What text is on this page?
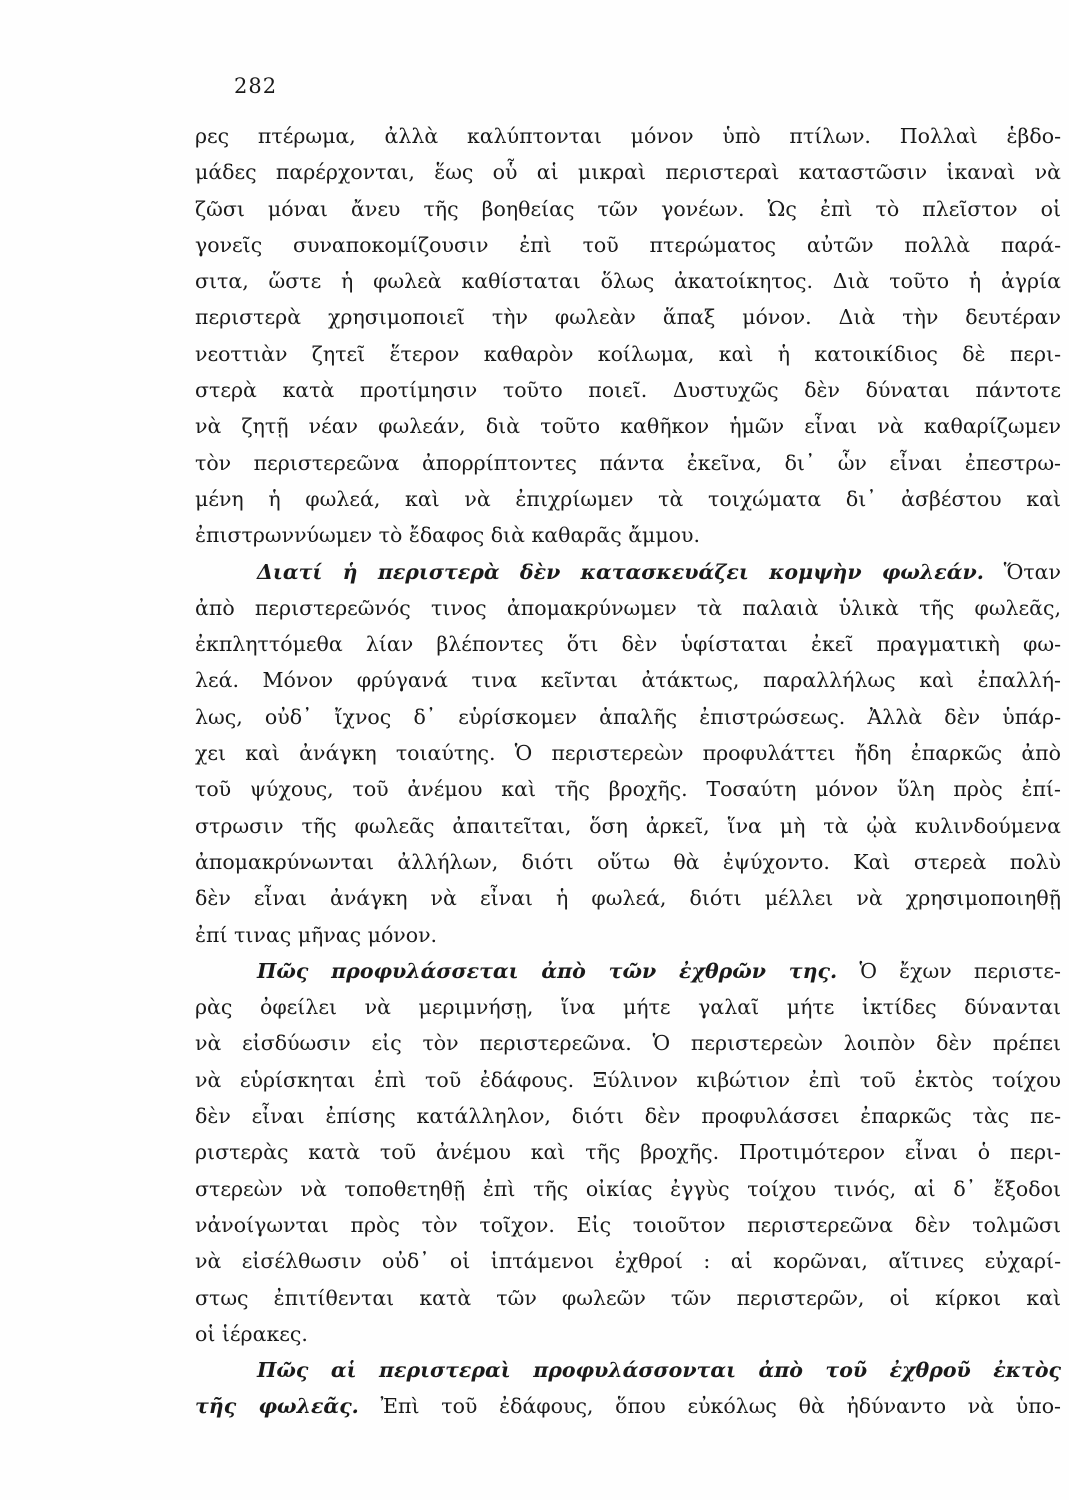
282
ρες πτέρωμα, ἀλλὰ καλύπτονται μόνον ὑπὸ πτίλων. Πολλαὶ ἑβδο-
μάδες παρέρχονται, ἕως οὗ αἱ μικραὶ περιστεραὶ καταστῶσιν ἱκαναὶ νὰ
ζῶσι μόναι ἄνευ τῆς βοηθείας τῶν γονέων. Ὡς ἐπὶ τὸ πλεῖστον οἱ
γονεῖς συναποκομίζουσιν ἐπὶ τοῦ πτερώματος αὐτῶν πολλὰ παρά-
σιτα, ὥστε ἡ φωλεὰ καθίσταται ὅλως ἀκατοίκητος. Διὰ τοῦτο ἡ ἀγρία
περιστερὰ χρησιμοποιεῖ τὴν φωλεὰν ἅπαξ μόνον. Διὰ τὴν δευτέραν
νεοττιὰν ζητεῖ ἕτερον καθαρὸν κοίλωμα, καὶ ἡ κατοικίδιος δὲ περι-
στερὰ κατὰ προτίμησιν τοῦτο ποιεῖ. Δυστυχῶς δὲν δύναται πάντοτε
νὰ ζητῇ νέαν φωλεάν, διὰ τοῦτο καθῆκον ἡμῶν εἶναι νὰ καθαρίζωμεν
τὸν περιστερεῶνα ἀπορρίπτοντες πάντα ἐκεῖνα, δι᾽ ὧν εἶναι ἐπεστρω-
μένη ἡ φωλεά, καὶ νὰ ἐπιχρίωμεν τὰ τοιχώματα δι᾽ ἀσβέστου καὶ
ἐπιστρωννύωμεν τὸ ἔδαφος διὰ καθαρᾶς ἄμμου.
Διατί ἡ περιστερὰ δὲν κατασκευάζει κομψὴν φωλεάν. Ὅταν
ἀπὸ περιστερεῶνός τινος ἀπομακρύνωμεν τὰ παλαιὰ ὑλικὰ τῆς φωλεᾶς,
ἐκπληττόμεθα λίαν βλέποντες ὅτι δὲν ὑφίσταται ἐκεῖ πραγματικὴ φω-
λεά. Μόνον φρύγανά τινα κεῖνται ἀτάκτως, παραλλήλως καὶ ἐπαλλή-
λως, οὐδ᾽ ἴχνος δ᾽ εὑρίσκομεν ἁπαλῆς ἐπιστρώσεως. Ἀλλὰ δὲν ὑπάρ-
χει καὶ ἀνάγκη τοιαύτης. Ὁ περιστερεὼν προφυλάττει ἤδη ἐπαρκῶς ἀπὸ
τοῦ ψύχους, τοῦ ἀνέμου καὶ τῆς βροχῆς. Τοσαύτη μόνον ὕλη πρὸς ἐπί-
στρωσιν τῆς φωλεᾶς ἀπαιτεῖται, ὅση ἀρκεῖ, ἵνα μὴ τὰ ᾠὰ κυλινδούμενα
ἀπομακρύνωνται ἀλλήλων, διότι οὕτω θὰ ἐψύχοντο. Καὶ στερεὰ πολὺ
δὲν εἶναι ἀνάγκη νὰ εἶναι ἡ φωλεά, διότι μέλλει νὰ χρησιμοποιηθῇ
ἐπί τινας μῆνας μόνον.
Πῶς προφυλάσσεται ἀπὸ τῶν ἐχθρῶν της. Ὁ ἔχων περιστε-
ρὰς ὀφείλει νὰ μεριμνήσῃ, ἵνα μήτε γαλαῖ μήτε ἰκτίδες δύνανται
νὰ εἰσδύωσιν εἰς τὸν περιστερεῶνα. Ὁ περιστερεὼν λοιπὸν δὲν πρέπει
νὰ εὑρίσκηται ἐπὶ τοῦ ἐδάφους. Ξύλινον κιβώτιον ἐπὶ τοῦ ἐκτὸς τοίχου
δὲν εἶναι ἐπίσης κατάλληλον, διότι δὲν προφυλάσσει ἐπαρκῶς τὰς πε-
ριστερὰς κατὰ τοῦ ἀνέμου καὶ τῆς βροχῆς. Προτιμότερον εἶναι ὁ περι-
στερεὼν νὰ τοποθετηθῇ ἐπὶ τῆς οἰκίας ἐγγὺς τοίχου τινός, αἱ δ᾽ ἔξοδοι
νἀνοίγωνται πρὸς τὸν τοῖχον. Εἰς τοιοῦτον περιστερεῶνα δὲν τολμῶσι
νὰ εἰσέλθωσιν οὐδ᾽ οἱ ἱπτάμενοι ἐχθροί : αἱ κορῶναι, αἵτινες εὐχαρί-
στως ἐπιτίθενται κατὰ τῶν φωλεῶν τῶν περιστερῶν, οἱ κίρκοι καὶ
οἱ ἱέρακες.
Πῶς αἱ περιστεραὶ προφυλάσσονται ἀπὸ τοῦ ἐχθροῦ ἐκτὸς
τῆς φωλεᾶς. Ἐπὶ τοῦ ἐδάφους, ὅπου εὐκόλως θὰ ἠδύναντο νὰ ὑπο-
